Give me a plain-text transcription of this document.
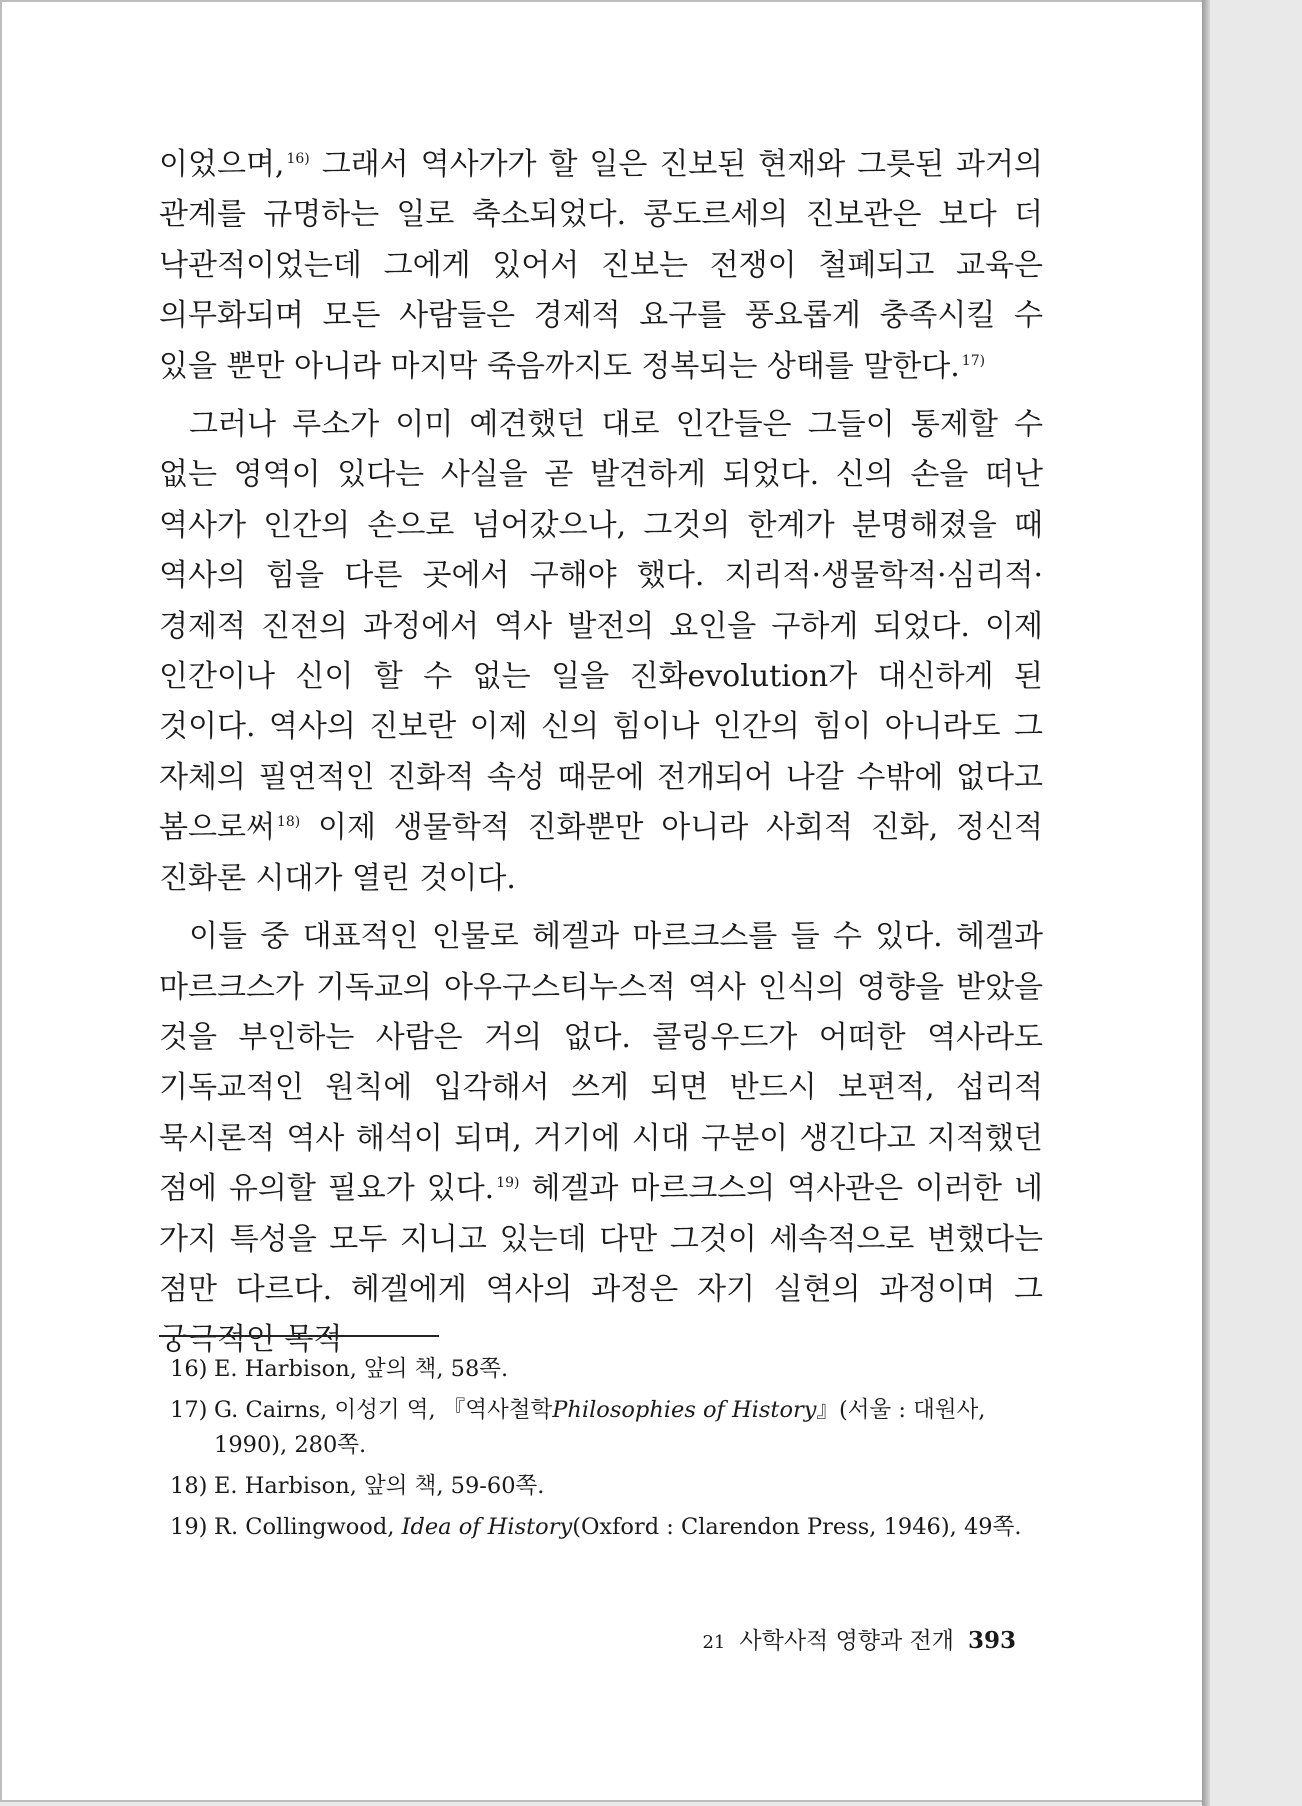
이었으며, $^{16)}$ 그래서 역사가가 할 일은 진보된 현재와 그릇된 과거의 관계를 규명하는 일로 축소되었다. 콩도르세의 진보관은 보다 더 낙관적이었는데 그에게 있어서 진보는 전쟁이 철폐되고 교육은 의무화되며 모든 사람들은 경제적 요구를 풍요롭게 충족시킬 수 있을 뿐만 아니라 마지막 죽음까지도 정복되는 상태를 말한다. $^{17)}$

그러나 루소가 이미 예견했던 대로 인간들은 그들이 통제할 수 없는 영역이 있다는 사실을 곧 발견하게 되었다. 신의 손을 떠난 역사가 인간의 손으로 넘어갔으나, 그것의 한계가 분명해졌을 때 역사의 힘을 다른 곳에서 구해야 했다. 지리적·생물학적·심리적·경제적 진전의 과정에서 역사 발전의 요인을 구하게 되었다. 이제 인간이나 신이 할 수 없는 일을 진화evolution가 대신하게 된 것이다. 역사의 진보란 이제 신의 힘이나 인간의 힘이 아니라도 그 자체의 필연적인 진화적 속성 때문에 전개되어 나갈 수밖에 없다고 봄으로써 $^{18)}$ 이제 생물학적 진화뿐만 아니라 사회적 진화, 정신적 진화론 시대가 열린 것이다.

이들 중 대표적인 인물로 헤겔과 마르크스를 들 수 있다. 헤겔과 마르크스가 기독교의 아우구스티누스적 역사 인식의 영향을 받았을 것을 부인하는 사람은 거의 없다. 콜링우드가 어떠한 역사라도 기독교적인 원칙에 입각해서 쓰게 되면 반드시 보편적, 섭리적 묵시론적 역사 해석이 되며, 거기에 시대 구분이 생긴다고 지적했던 점에 유의할 필요가 있다. $^{19)}$ 헤겔과 마르크스의 역사관은 이러한 네 가지 특성을 모두 지니고 있는데 다만 그것이 세속적으로 변했다는 점만 다르다. 헤겔에게 역사의 과정은 자기 실현의 과정이며 그 궁극적인 목적

16) E. Harbison, 앞의 책, 58쪽.
17) G. Cairns, 이성기 역, 『역사철학Philosophies of History』(서울 : 대원사, 1990), 280쪽.
18) E. Harbison, 앞의 책, 59-60쪽.
19) R. Collingwood, Idea of History(Oxford : Clarendon Press, 1946), 49쪽.
21 사학사적 영향과 전개 393
